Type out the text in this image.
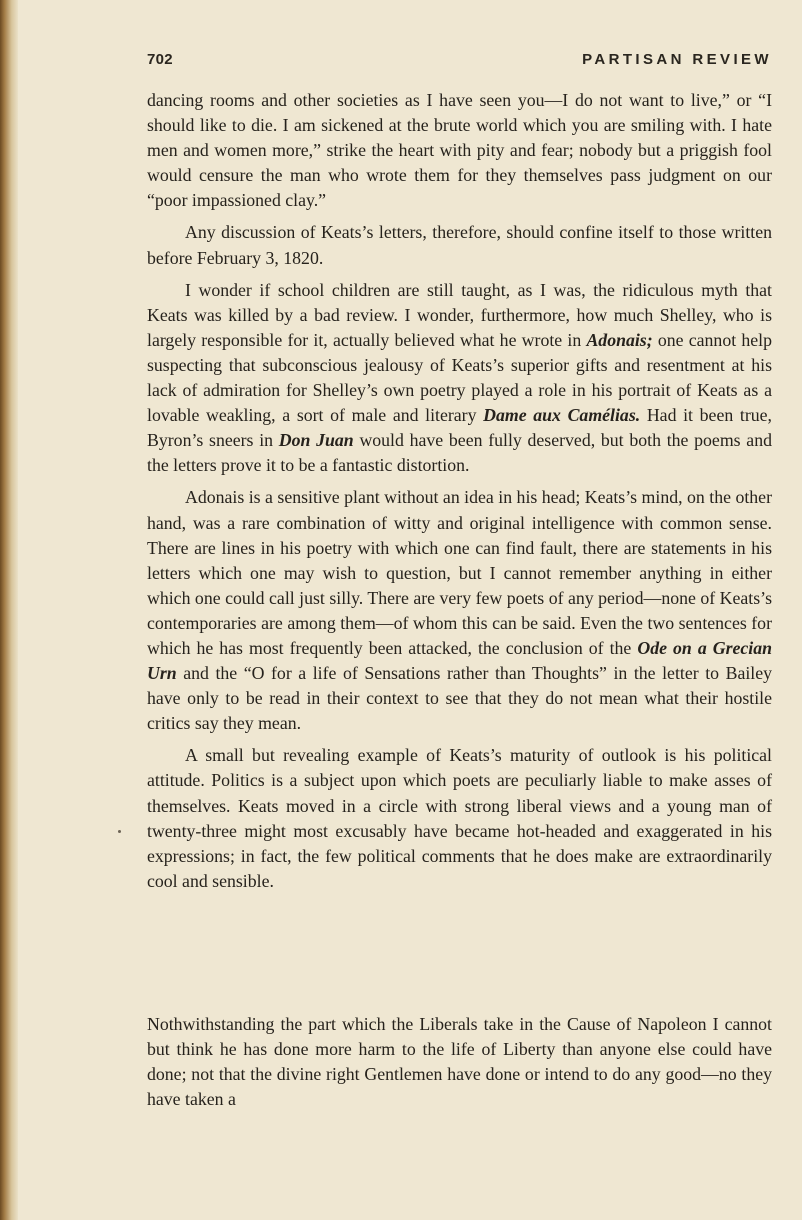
702	PARTISAN REVIEW

dancing rooms and other societies as I have seen you—I do not want to live,” or “I should like to die. I am sickened at the brute world which you are smiling with. I hate men and women more,” strike the heart with pity and fear; nobody but a priggish fool would censure the man who wrote them for they themselves pass judgment on our “poor impassioned clay.”

Any discussion of Keats’s letters, therefore, should confine itself to those written before February 3, 1820.

I wonder if school children are still taught, as I was, the ridiculous myth that Keats was killed by a bad review. I wonder, furthermore, how much Shelley, who is largely responsible for it, actually believed what he wrote in Adonais; one cannot help suspecting that subconscious jealousy of Keats’s superior gifts and resentment at his lack of admiration for Shelley’s own poetry played a role in his portrait of Keats as a lovable weakling, a sort of male and literary Dame aux Camélias. Had it been true, Byron’s sneers in Don Juan would have been fully deserved, but both the poems and the letters prove it to be a fantastic distortion.

Adonais is a sensitive plant without an idea in his head; Keats’s mind, on the other hand, was a rare combination of witty and original intelligence with common sense. There are lines in his poetry with which one can find fault, there are statements in his letters which one may wish to question, but I cannot remember anything in either which one could call just silly. There are very few poets of any period—none of Keats’s contemporaries are among them—of whom this can be said. Even the two sentences for which he has most frequently been attacked, the conclusion of the Ode on a Grecian Urn and the “O for a life of Sensations rather than Thoughts” in the letter to Bailey have only to be read in their context to see that they do not mean what their hostile critics say they mean.

A small but revealing example of Keats’s maturity of outlook is his political attitude. Politics is a subject upon which poets are peculiarly liable to make asses of themselves. Keats moved in a circle with strong liberal views and a young man of twenty-three might most excusably have became hot-headed and exaggerated in his expressions; in fact, the few political comments that he does make are extraordinarily cool and sensible.

Nothwithstanding the part which the Liberals take in the Cause of Napoleon I cannot but think he has done more harm to the life of Liberty than anyone else could have done; not that the divine right Gentlemen have done or intend to do any good—no they have taken a
